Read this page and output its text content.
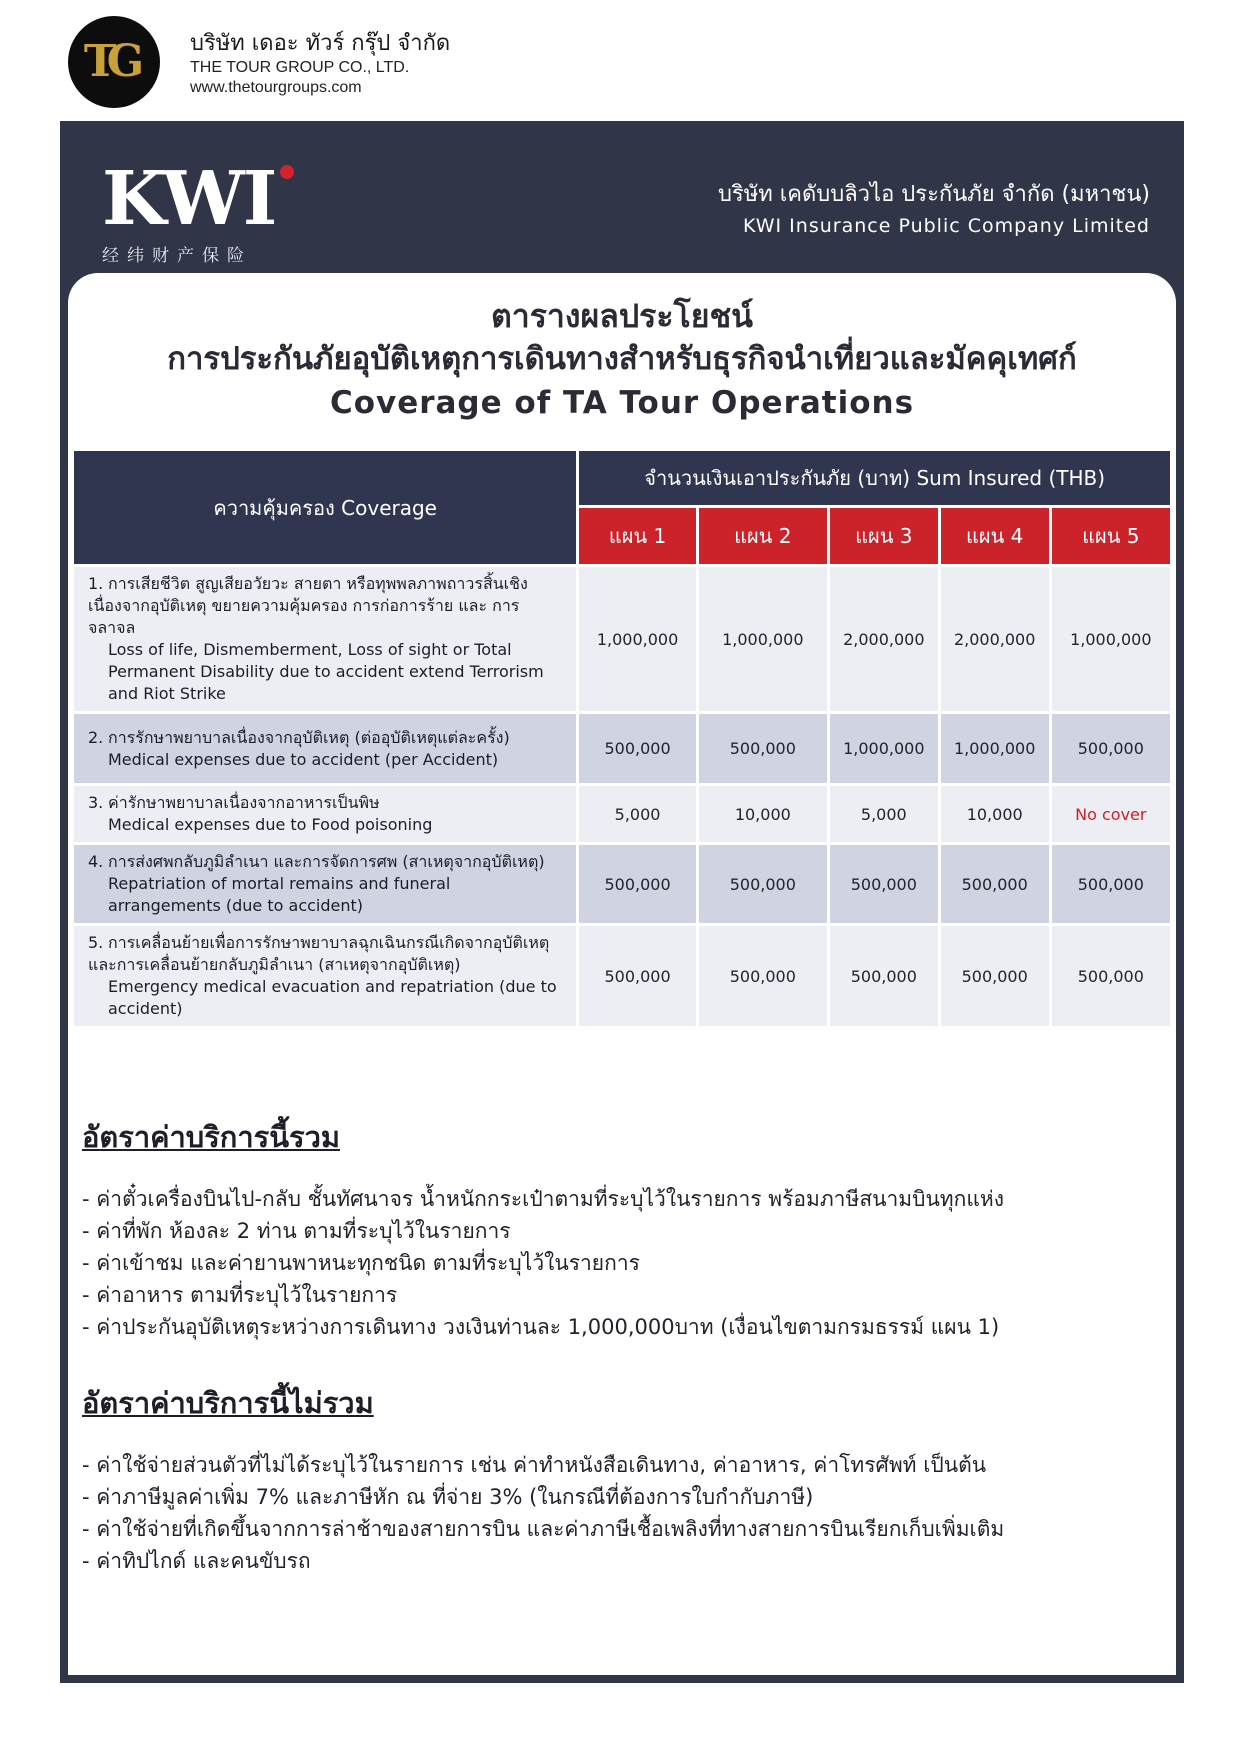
TG	บริษัท เดอะ ทัวร์ กรุ๊ป จำกัด
THE TOUR GROUP CO., LTD.
www.thetourgroups.com
KWI
经纬财产保险
บริษัท เคดับบลิวไอ ประกันภัย จำกัด (มหาชน)
KWI Insurance Public Company Limited
ตารางผลประโยชน์
การประกันภัยอุบัติเหตุการเดินทางสำหรับธุรกิจนำเที่ยวและมัคคุเทศก์
Coverage of TA Tour Operations
ความคุ้มครอง Coverage	จำนวนเงินเอาประกันภัย (บาท) Sum Insured (THB)				
	แผน 1	แผน 2	แผน 3	แผน 4	แผน 5

1. การเสียชีวิต สูญเสียอวัยวะ สายตา หรือทุพพลภาพถาวรสิ้นเชิงเนื่องจากอุบัติเหตุ ขยายความคุ้มครอง การก่อการร้าย และ การจลาจล
Loss of life, Dismemberment, Loss of sight or Total Permanent Disability due to accident extend Terrorism and Riot Strike	1,000,000	1,000,000	2,000,000	2,000,000	1,000,000

2. การรักษาพยาบาลเนื่องจากอุบัติเหตุ (ต่ออุบัติเหตุแต่ละครั้ง)
Medical expenses due to accident (per Accident)	500,000	500,000	1,000,000	1,000,000	500,000

3. ค่ารักษาพยาบาลเนื่องจากอาหารเป็นพิษ
Medical expenses due to Food poisoning	5,000	10,000	5,000	10,000	No cover

4. การส่งศพกลับภูมิลำเนา และการจัดการศพ (สาเหตุจากอุบัติเหตุ)
Repatriation of mortal remains and funeral arrangements (due to accident)	500,000	500,000	500,000	500,000	500,000

5. การเคลื่อนย้ายเพื่อการรักษาพยาบาลฉุกเฉินกรณีเกิดจากอุบัติเหตุ และการเคลื่อนย้ายกลับภูมิลำเนา (สาเหตุจากอุบัติเหตุ)
Emergency medical evacuation and repatriation (due to accident)	500,000	500,000	500,000	500,000	500,000
อัตราค่าบริการนี้รวม
- ค่าตั๋วเครื่องบินไป-กลับ ชั้นทัศนาจร น้ำหนักกระเป๋าตามที่ระบุไว้ในรายการ พร้อมภาษีสนามบินทุกแห่ง
- ค่าที่พัก ห้องละ 2 ท่าน ตามที่ระบุไว้ในรายการ
- ค่าเข้าชม และค่ายานพาหนะทุกชนิด ตามที่ระบุไว้ในรายการ
- ค่าอาหาร ตามที่ระบุไว้ในรายการ
- ค่าประกันอุบัติเหตุระหว่างการเดินทาง วงเงินท่านละ 1,000,000บาท (เงื่อนไขตามกรมธรรม์ แผน 1)
อัตราค่าบริการนี้ไม่รวม
- ค่าใช้จ่ายส่วนตัวที่ไม่ได้ระบุไว้ในรายการ เช่น ค่าทำหนังสือเดินทาง, ค่าอาหาร, ค่าโทรศัพท์ เป็นต้น
- ค่าภาษีมูลค่าเพิ่ม 7% และภาษีหัก ณ ที่จ่าย 3% (ในกรณีที่ต้องการใบกำกับภาษี)
- ค่าใช้จ่ายที่เกิดขึ้นจากการล่าช้าของสายการบิน และค่าภาษีเชื้อเพลิงที่ทางสายการบินเรียกเก็บเพิ่มเติม
- ค่าทิปไกด์ และคนขับรถ
